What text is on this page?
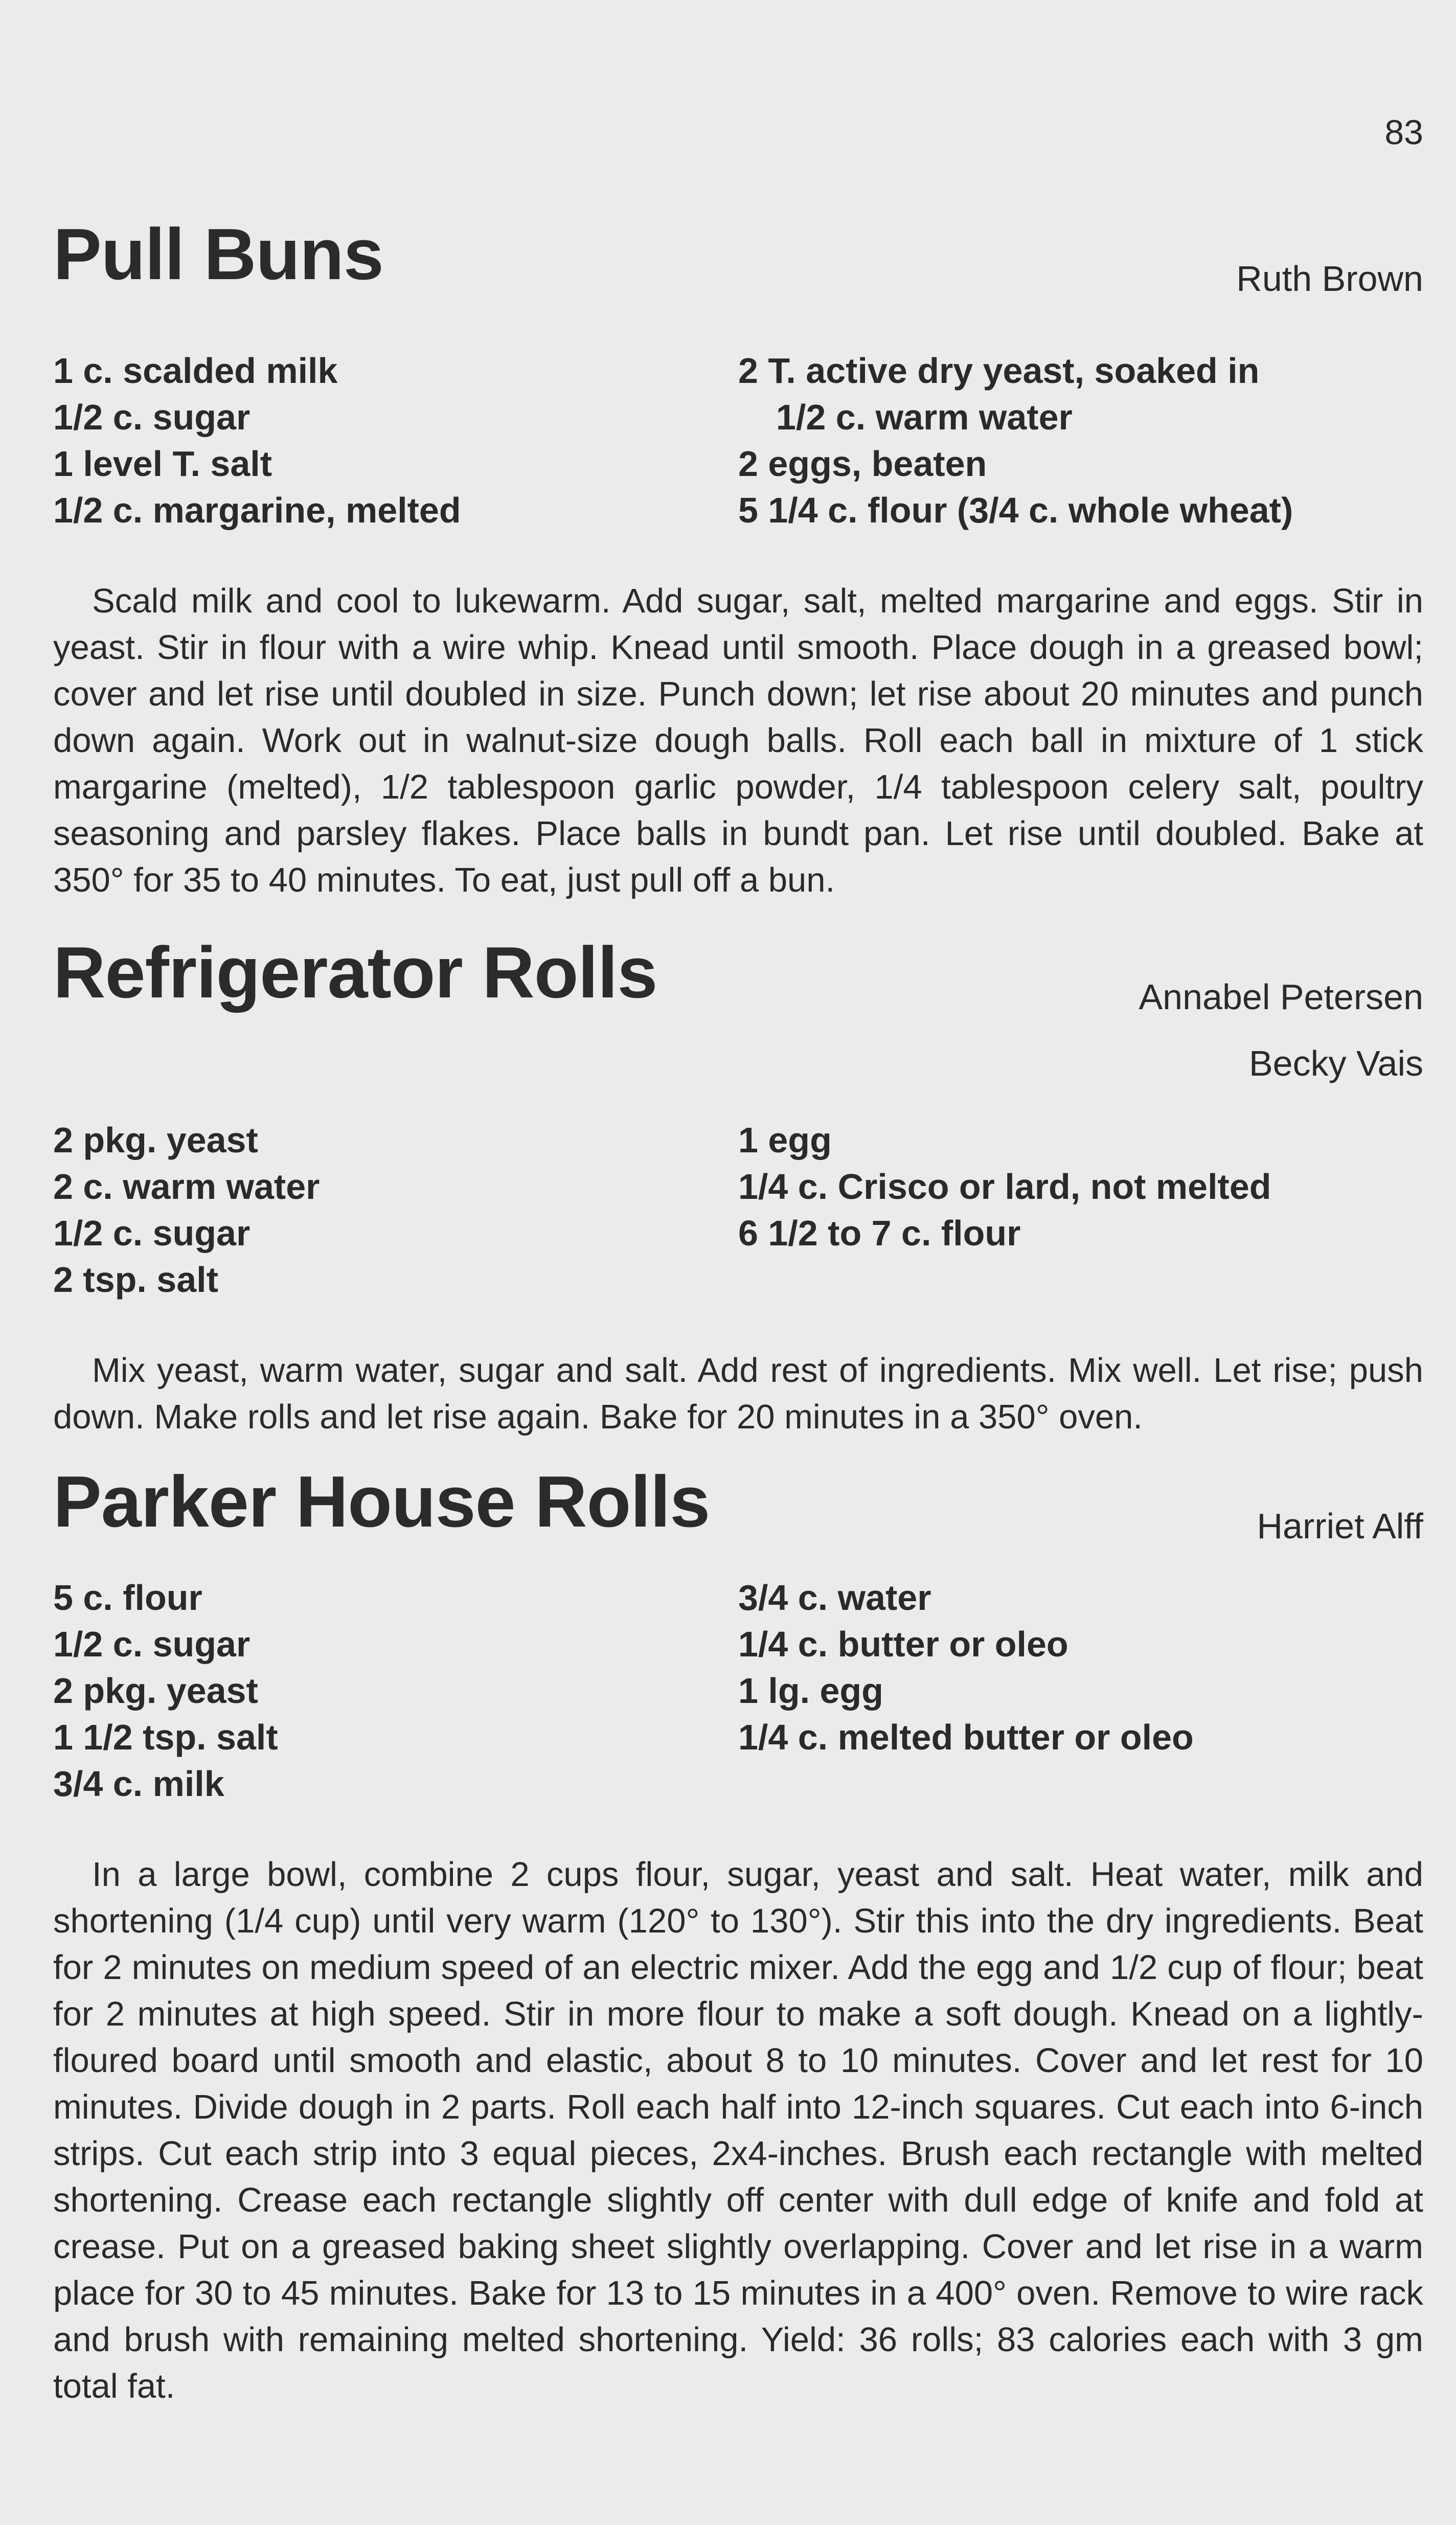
83
Pull Buns	Ruth Brown
1 c. scalded milk
1/2 c. sugar
1 level T. salt
1/2 c. margarine, melted
2 T. active dry yeast, soaked in
1/2 c. warm water
2 eggs, beaten
5 1/4 c. flour (3/4 c. whole wheat)

Scald milk and cool to lukewarm. Add sugar, salt, melted margarine and eggs. Stir in yeast. Stir in flour with a wire whip. Knead until smooth. Place dough in a greased bowl; cover and let rise until doubled in size. Punch down; let rise about 20 minutes and punch down again. Work out in walnut-size dough balls. Roll each ball in mixture of 1 stick margarine (melted), 1/2 tablespoon garlic powder, 1/4 tablespoon celery salt, poultry seasoning and parsley flakes. Place balls in bundt pan. Let rise until doubled. Bake at 350° for 35 to 40 minutes. To eat, just pull off a bun.

Refrigerator Rolls	Annabel Petersen
Becky Vais
2 pkg. yeast
2 c. warm water
1/2 c. sugar
2 tsp. salt
1 egg
1/4 c. Crisco or lard, not melted
6 1/2 to 7 c. flour

Mix yeast, warm water, sugar and salt. Add rest of ingredients. Mix well. Let rise; push down. Make rolls and let rise again. Bake for 20 minutes in a 350° oven.

Parker House Rolls	Harriet Alff
5 c. flour
1/2 c. sugar
2 pkg. yeast
1 1/2 tsp. salt
3/4 c. milk
3/4 c. water
1/4 c. butter or oleo
1 lg. egg
1/4 c. melted butter or oleo

In a large bowl, combine 2 cups flour, sugar, yeast and salt. Heat water, milk and shortening (1/4 cup) until very warm (120° to 130°). Stir this into the dry ingredients. Beat for 2 minutes on medium speed of an electric mixer. Add the egg and 1/2 cup of flour; beat for 2 minutes at high speed. Stir in more flour to make a soft dough. Knead on a lightly-floured board until smooth and elastic, about 8 to 10 minutes. Cover and let rest for 10 minutes. Divide dough in 2 parts. Roll each half into 12-inch squares. Cut each into 6-inch strips. Cut each strip into 3 equal pieces, 2x4-inches. Brush each rectangle with melted shortening. Crease each rectangle slightly off center with dull edge of knife and fold at crease. Put on a greased baking sheet slightly overlapping. Cover and let rise in a warm place for 30 to 45 minutes. Bake for 13 to 15 minutes in a 400° oven. Remove to wire rack and brush with remaining melted shortening. Yield: 36 rolls; 83 calories each with 3 gm total fat.
